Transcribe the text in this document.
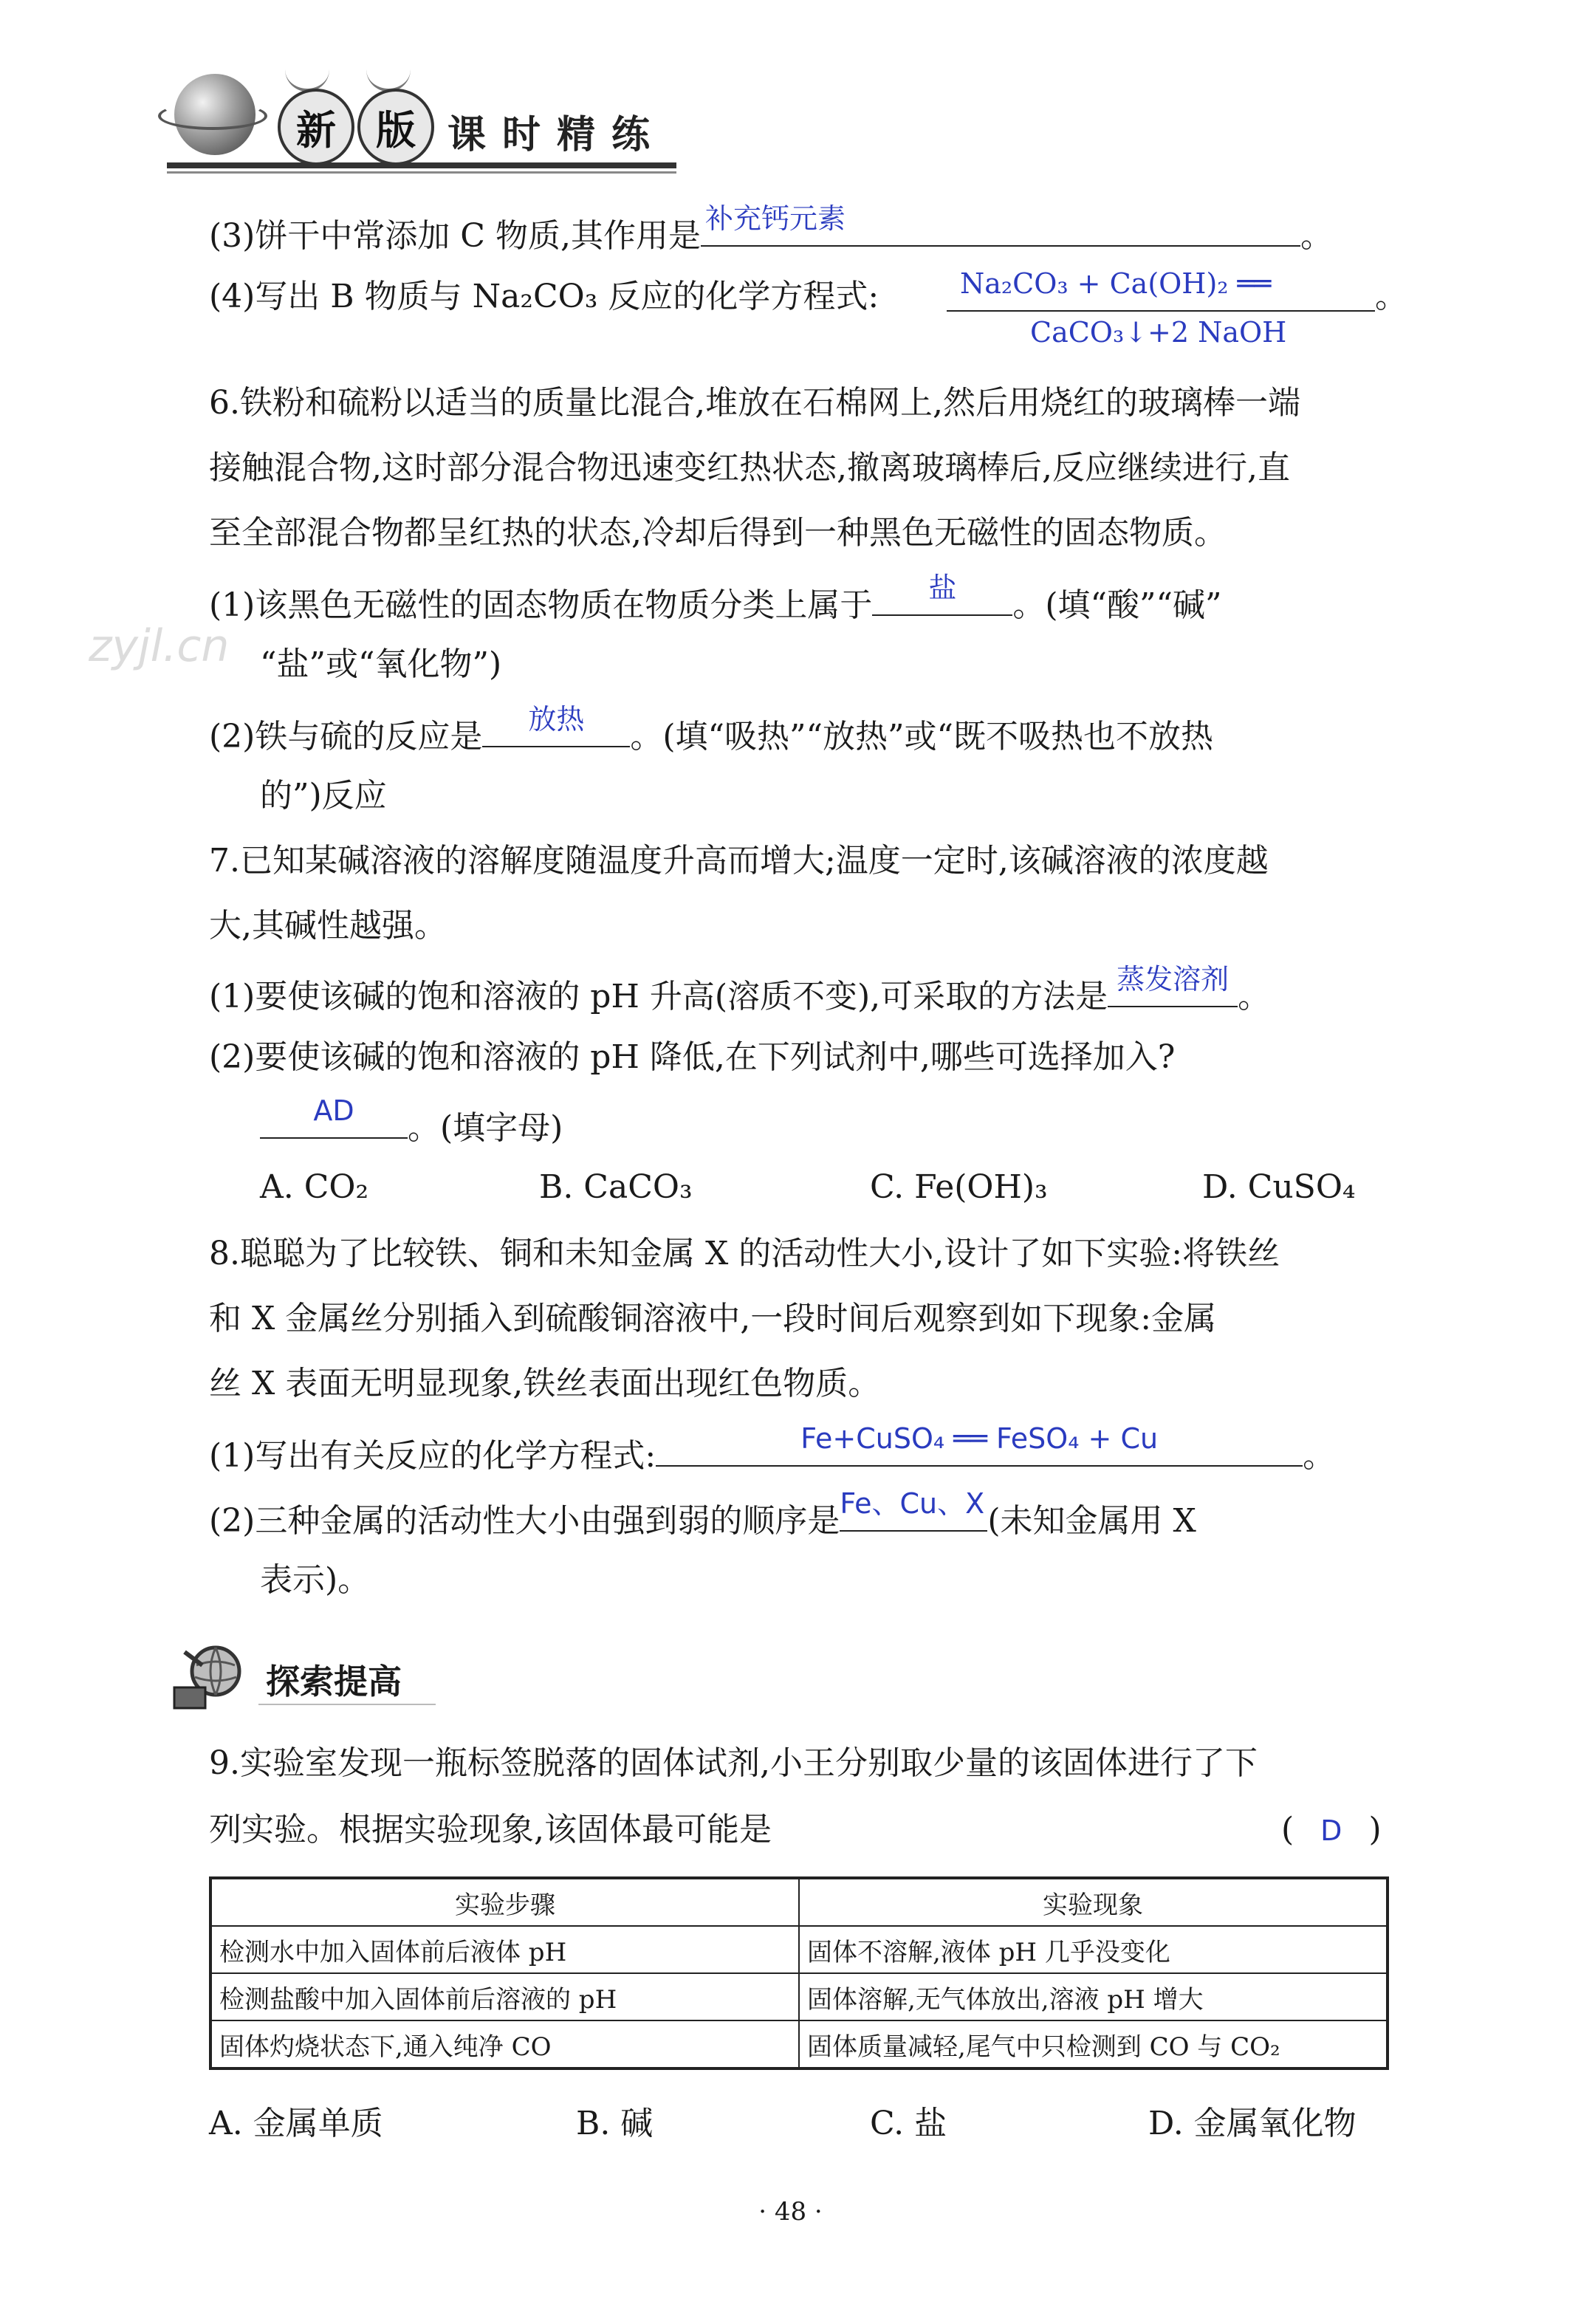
新	版 课时精练
(3)饼干中常添加 C 物质,其作用是 补充钙元素	。
(4)写出 B 物质与 Na₂CO₃ 反应的化学方程式:	Na₂CO₃ + Ca(OH)₂ ══	。
CaCO₃↓+2 NaOH
6.铁粉和硫粉以适当的质量比混合,堆放在石棉网上,然后用烧红的玻璃棒一端
接触混合物,这时部分混合物迅速变红热状态,撤离玻璃棒后,反应继续进行,直
至全部混合物都呈红热的状态,冷却后得到一种黑色无磁性的固态物质。
(1)该黑色无磁性的固态物质在物质分类上属于	盐	。(填“酸”“碱”
zyjl.cn “盐”或“氧化物”)
(2)铁与硫的反应是	放热	。(填“吸热”“放热”或“既不吸热也不放热
的”)反应
7.已知某碱溶液的溶解度随温度升高而增大;温度一定时,该碱溶液的浓度越
大,其碱性越强。
(1)要使该碱的饱和溶液的 pH 升高(溶质不变),可采取的方法是 蒸发溶剂 。
(2)要使该碱的饱和溶液的 pH 降低,在下列试剂中,哪些可选择加入?
AD	。(填字母)
A. CO₂	B. CaCO₃	C. Fe(OH)₃	D. CuSO₄
8.聪聪为了比较铁、铜和未知金属 X 的活动性大小,设计了如下实验:将铁丝
和 X 金属丝分别插入到硫酸铜溶液中,一段时间后观察到如下现象:金属
丝 X 表面无明显现象,铁丝表面出现红色物质。
(1)写出有关反应的化学方程式:	Fe+CuSO₄ ══ FeSO₄ + Cu	。
(2)三种金属的活动性大小由强到弱的顺序是 Fe、Cu、X (未知金属用 X
表示)。
探索提高
9.实验室发现一瓶标签脱落的固体试剂,小王分别取少量的该固体进行了下
列实验。根据实验现象,该固体最可能是	( D )
实验步骤	实验现象
检测水中加入固体前后液体 pH	固体不溶解,液体 pH 几乎没变化
检测盐酸中加入固体前后溶液的 pH	固体溶解,无气体放出,溶液 pH 增大
固体灼烧状态下,通入纯净 CO	固体质量减轻,尾气中只检测到 CO 与 CO₂
A. 金属单质	B. 碱	C. 盐	D. 金属氧化物
· 48 ·
